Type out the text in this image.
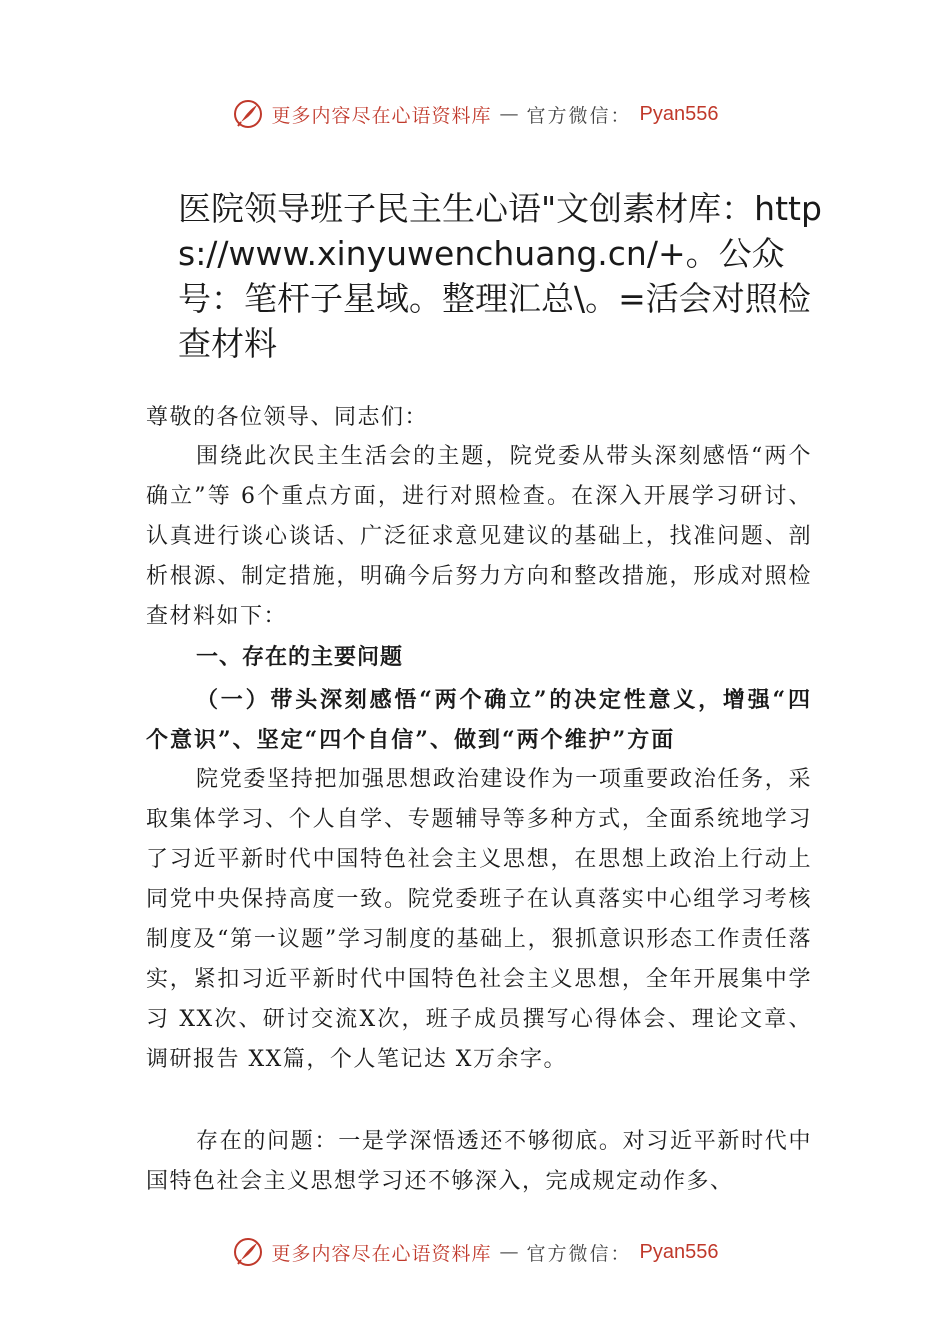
更多内容尽在心语资料库 — 官方微信： Pyan556
医院领导班子民主生心语"文创素材库：https://www.xinyuwenchuang.cn/+。公众号：笔杆子星域。整理汇总\。=活会对照检查材料

尊敬的各位领导、同志们：

围绕此次民主生活会的主题，院党委从带头深刻感悟“两个确立”等 6个重点方面，进行对照检查。在深入开展学习研讨、认真进行谈心谈话、广泛征求意见建议的基础上，找准问题、剖析根源、制定措施，明确今后努力方向和整改措施，形成对照检查材料如下：

一、存在的主要问题

（一）带头深刻感悟“两个确立”的决定性意义，增强“四个意识”、坚定“四个自信”、做到“两个维护”方面

院党委坚持把加强思想政治建设作为一项重要政治任务，采取集体学习、个人自学、专题辅导等多种方式，全面系统地学习了习近平新时代中国特色社会主义思想，在思想上政治上行动上同党中央保持高度一致。院党委班子在认真落实中心组学习考核制度及“第一议题”学习制度的基础上，狠抓意识形态工作责任落实，紧扣习近平新时代中国特色社会主义思想，全年开展集中学习 XX次、研讨交流X次，班子成员撰写心得体会、理论文章、调研报告 XX篇，个人笔记达 X万余字。

存在的问题：一是学深悟透还不够彻底。对习近平新时代中国特色社会主义思想学习还不够深入，完成规定动作多、

更多内容尽在心语资料库 — 官方微信： Pyan556
